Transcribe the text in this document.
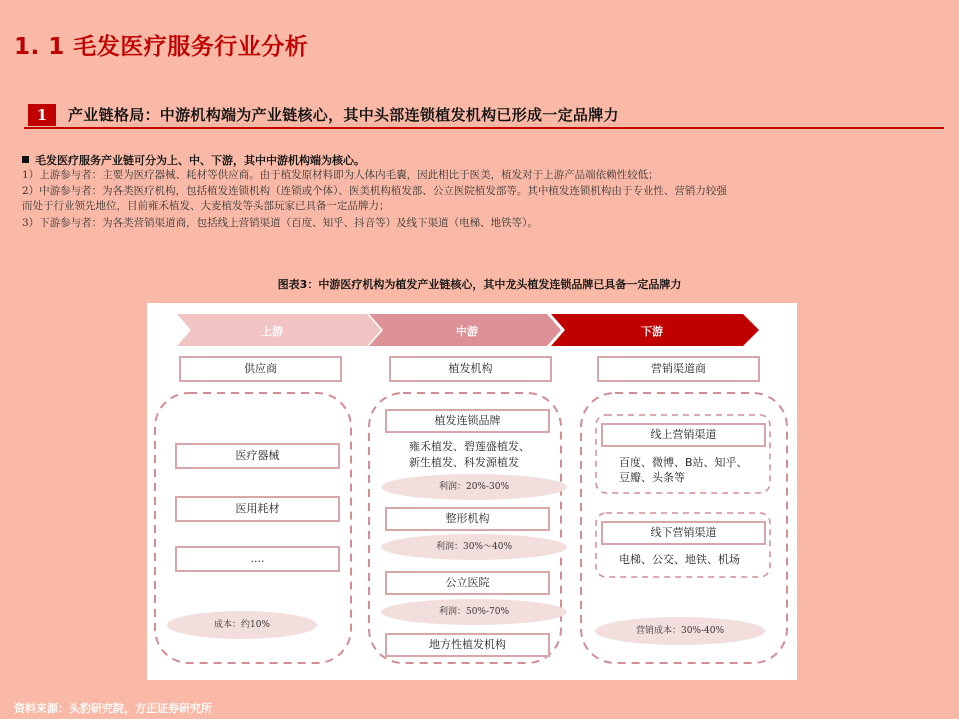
1. 1 毛发医疗服务行业分析
1	产业链格局：中游机构端为产业链核心，其中头部连锁植发机构已形成一定品牌力
毛发医疗服务产业链可分为上、中、下游，其中中游机构端为核心。
1）上游参与者：主要为医疗器械、耗材等供应商。由于植发原材料即为人体内毛囊，因此相比于医美，植发对于上游产品端依赖性较低；
2）中游参与者：为各类医疗机构，包括植发连锁机构（连锁或个体）、医美机构植发部、公立医院植发部等。其中植发连锁机构由于专业性、营销力较强
而处于行业领先地位，目前雍禾植发、大麦植发等头部玩家已具备一定品牌力；
3）下游参与者：为各类营销渠道商，包括线上营销渠道（百度、知乎、抖音等）及线下渠道（电梯、地铁等）。
图表3：中游医疗机构为植发产业链核心，其中龙头植发连锁品牌已具备一定品牌力
上游	中游	下游
供应商	植发机构	营销渠道商
医疗器械
医用耗材
....
成本：约10%
植发连锁品牌
雍禾植发、碧莲盛植发、
新生植发、科发源植发
利润：20%-30%
整形机构
利润：30%～40%
公立医院
利润：50%-70%
地方性植发机构
线上营销渠道
百度、微博、B站、知乎、
豆瓣、头条等
线下营销渠道
电梯、公交、地铁、机场
营销成本：30%-40%
资料来源：头豹研究院，方正证券研究所
